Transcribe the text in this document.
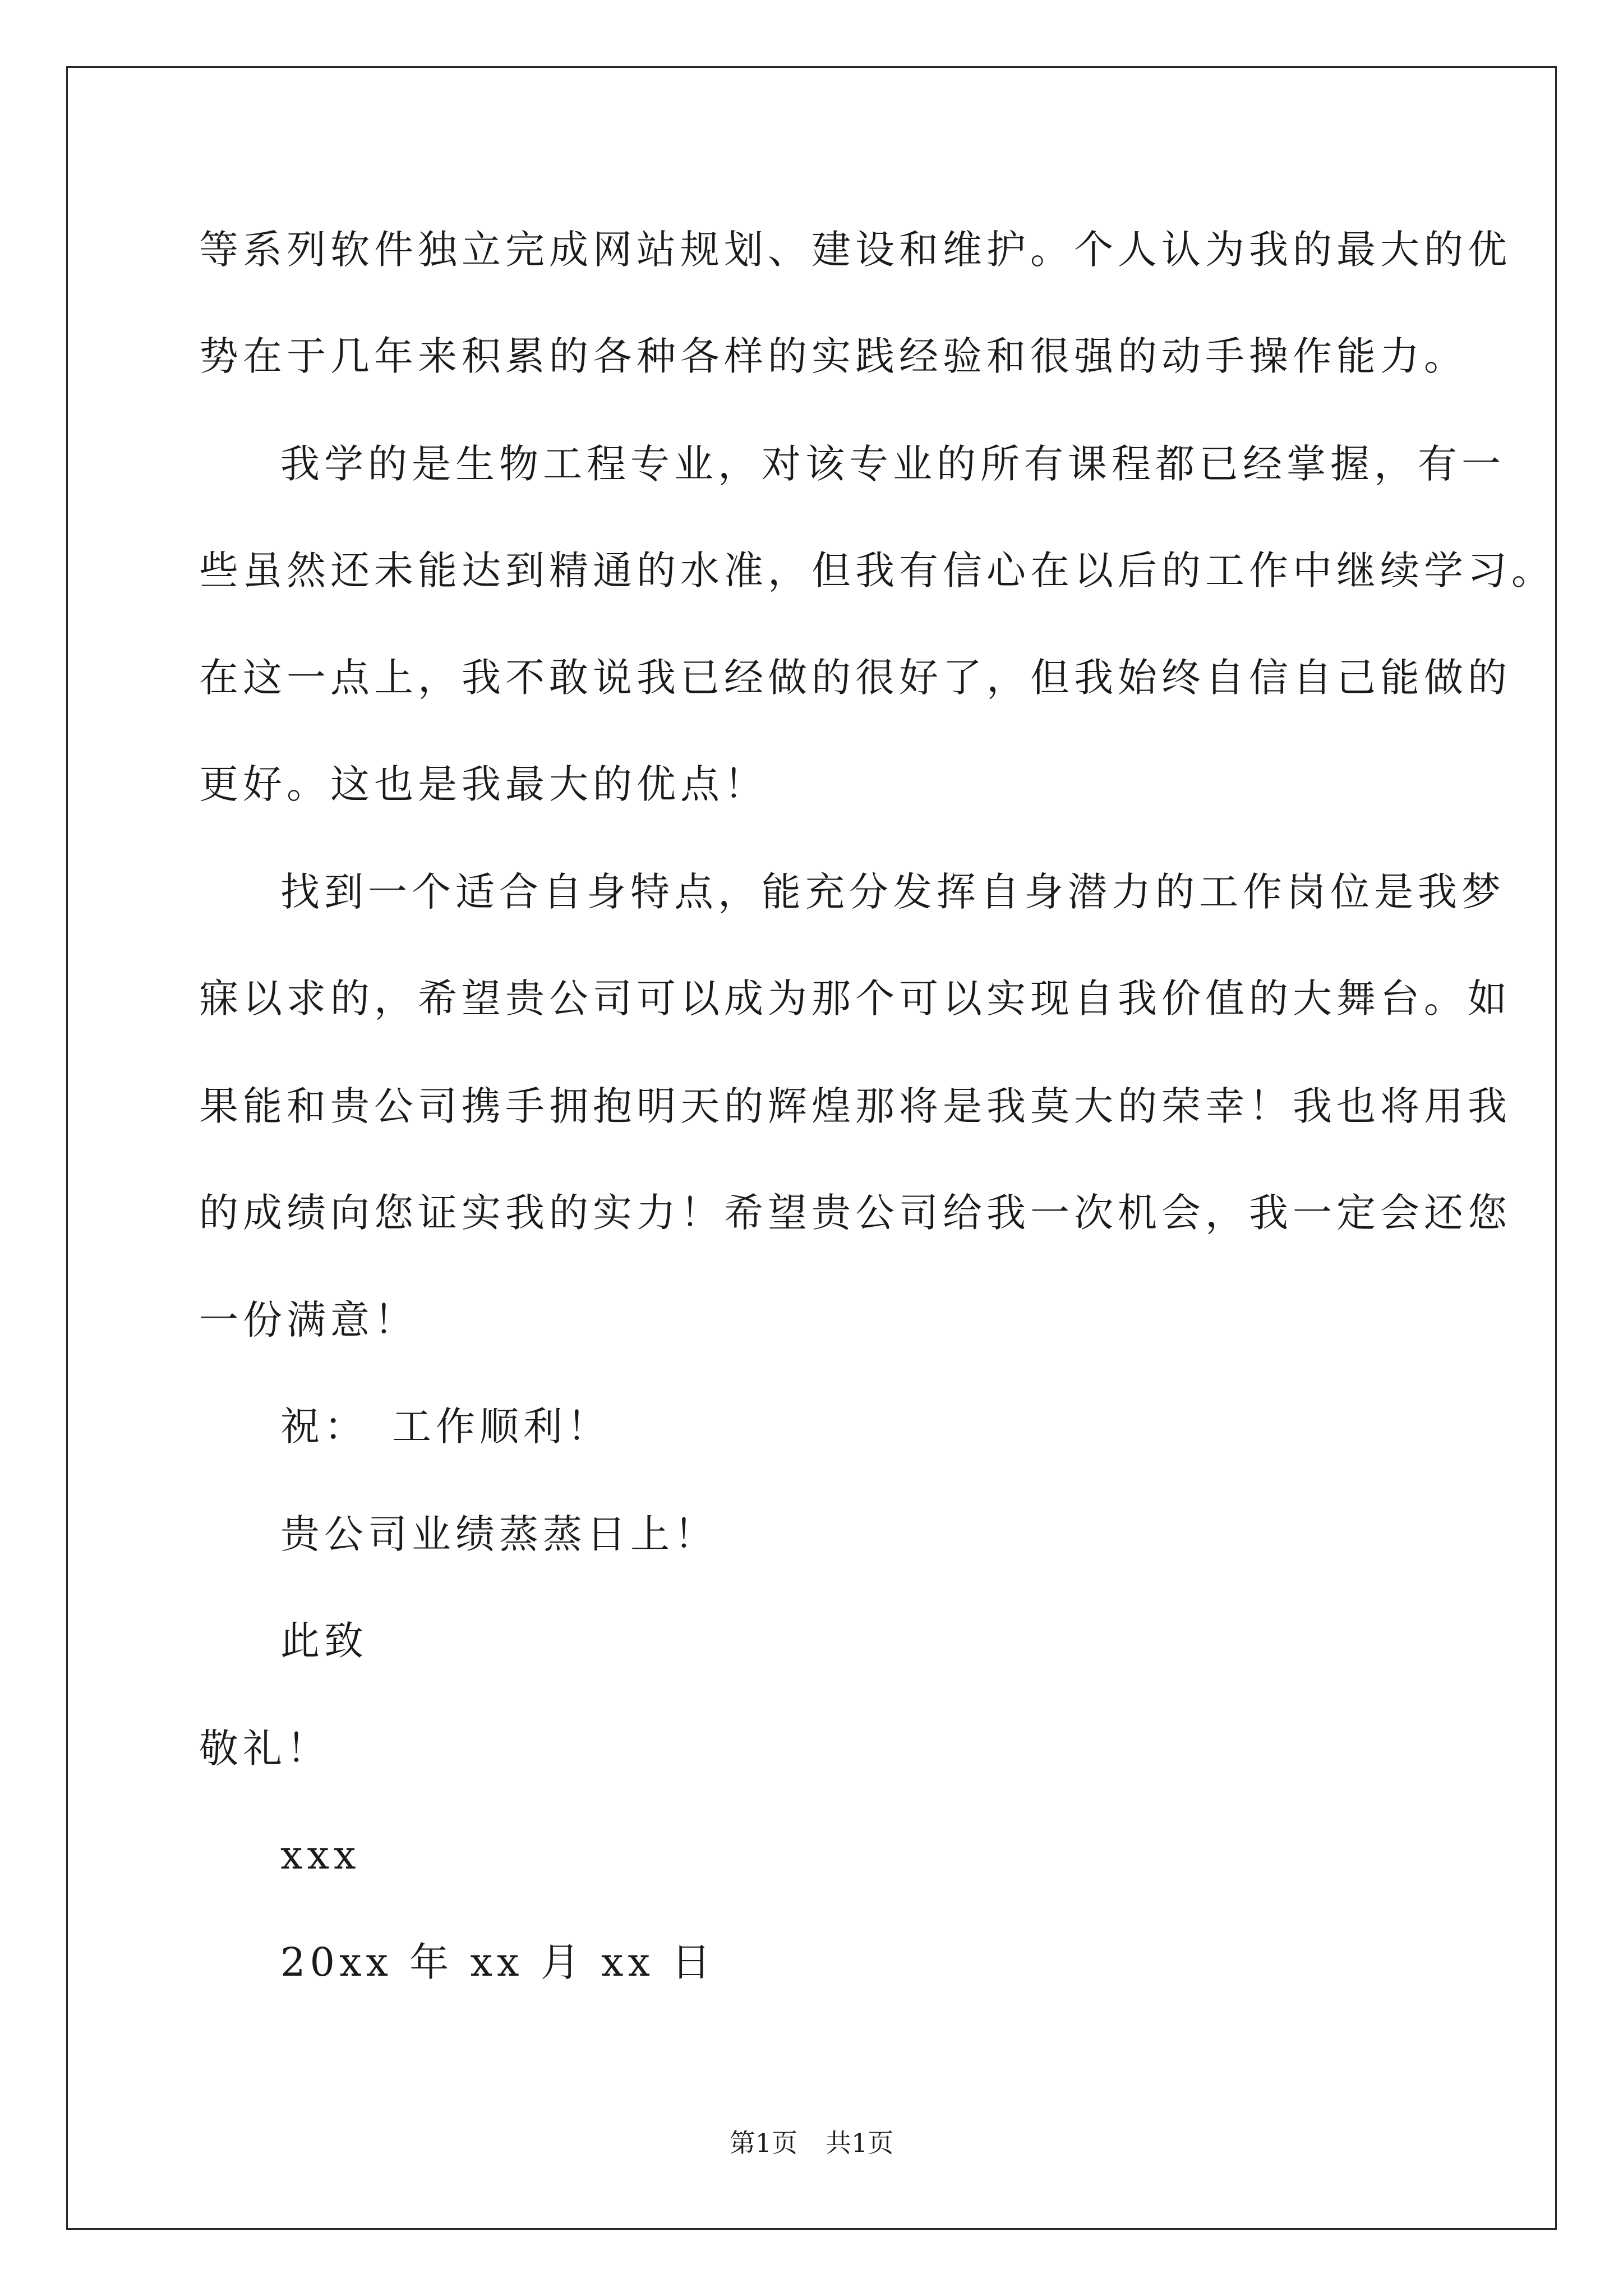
等系列软件独立完成网站规划、建设和维护。个人认为我的最大的优
势在于几年来积累的各种各样的实践经验和很强的动手操作能力。
我学的是生物工程专业，对该专业的所有课程都已经掌握，有一
些虽然还未能达到精通的水准，但我有信心在以后的工作中继续学习。
在这一点上，我不敢说我已经做的很好了，但我始终自信自己能做的
更好。这也是我最大的优点！
找到一个适合自身特点，能充分发挥自身潜力的工作岗位是我梦
寐以求的，希望贵公司可以成为那个可以实现自我价值的大舞台。如
果能和贵公司携手拥抱明天的辉煌那将是我莫大的荣幸！我也将用我
的成绩向您证实我的实力！希望贵公司给我一次机会，我一定会还您
一份满意！
祝：　工作顺利！
贵公司业绩蒸蒸日上！
此致
敬礼！
xxx
20xx 年 xx 月 xx 日
第1页 共1页
